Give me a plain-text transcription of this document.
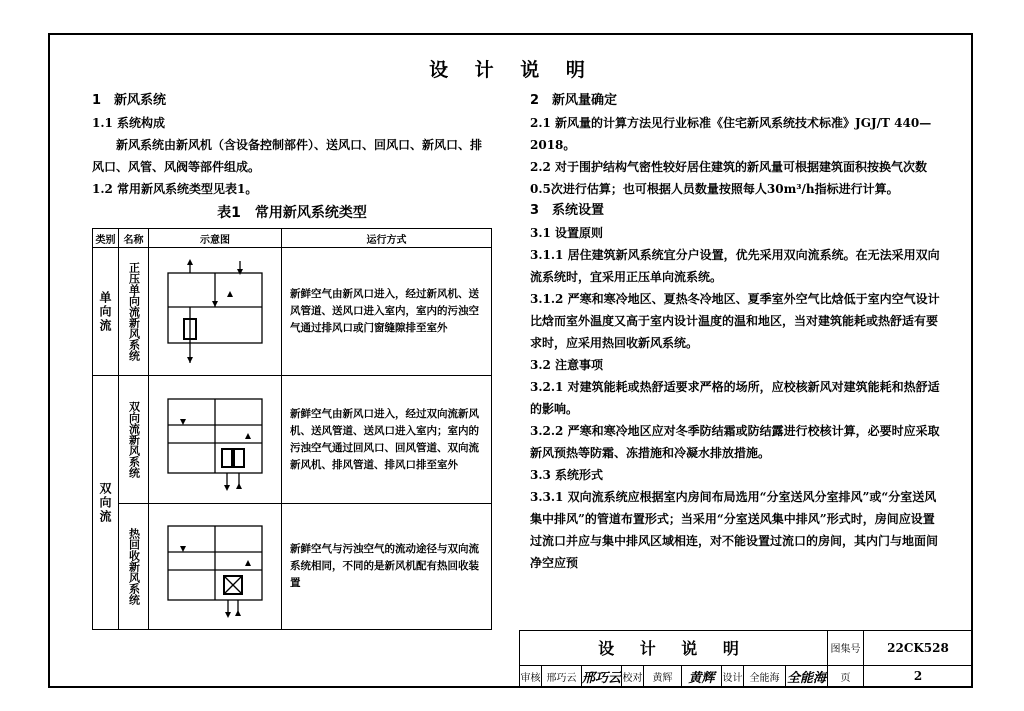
设 计 说 明
1　新风系统
1.1 系统构成
新风系统由新风机（含设备控制部件）、送风口、回风口、新风口、排风口、风管、风阀等部件组成。
1.2 常用新风系统类型见表1。
表1　常用新风系统类型
类别	名称	示意图	运行方式

单向流	正压单向流新风系统		新鲜空气由新风口进入，经过新风机、送风管道、送风口进入室内，室内的污浊空气通过排风口或门窗缝隙排至室外

双向流	双向流新风系统		新鲜空气由新风口进入，经过双向流新风机、送风管道、送风口进入室内；室内的污浊空气通过回风口、回风管道、双向流新风机、排风管道、排风口排至室外

	热回收新风系统		新鲜空气与污浊空气的流动途径与双向流系统相同，不同的是新风机配有热回收装置
2　新风量确定
2.1 新风量的计算方法见行业标准《住宅新风系统技术标准》JGJ/T 440—2018。
2.2 对于围护结构气密性较好居住建筑的新风量可根据建筑面积按换气次数0.5次进行估算；也可根据人员数量按照每人30m³/h指标进行计算。
3　系统设置
3.1 设置原则
3.1.1 居住建筑新风系统宜分户设置，优先采用双向流系统。在无法采用双向流系统时，宜采用正压单向流系统。
3.1.2 严寒和寒冷地区、夏热冬冷地区、夏季室外空气比焓低于室内空气设计比焓而室外温度又高于室内设计温度的温和地区，当对建筑能耗或热舒适有要求时，应采用热回收新风系统。
3.2 注意事项
3.2.1 对建筑能耗或热舒适要求严格的场所，应校核新风对建筑能耗和热舒适的影响。
3.2.2 严寒和寒冷地区应对冬季防结霜或防结露进行校核计算，必要时应采取新风预热等防霜、冻措施和冷凝水排放措施。
3.3 系统形式
3.3.1 双向流系统应根据室内房间布局选用“分室送风分室排风”或“分室送风集中排风”的管道布置形式；当采用“分室送风集中排风”形式时，房间应设置过流口并应与集中排风区域相连，对不能设置过流口的房间，其内门与地面间净空应预
设 计 说 明									图集号	22CK528
审核	邢巧云	邢巧云	校对	黄辉	黄辉	设计	全能海	全能海	页	2
